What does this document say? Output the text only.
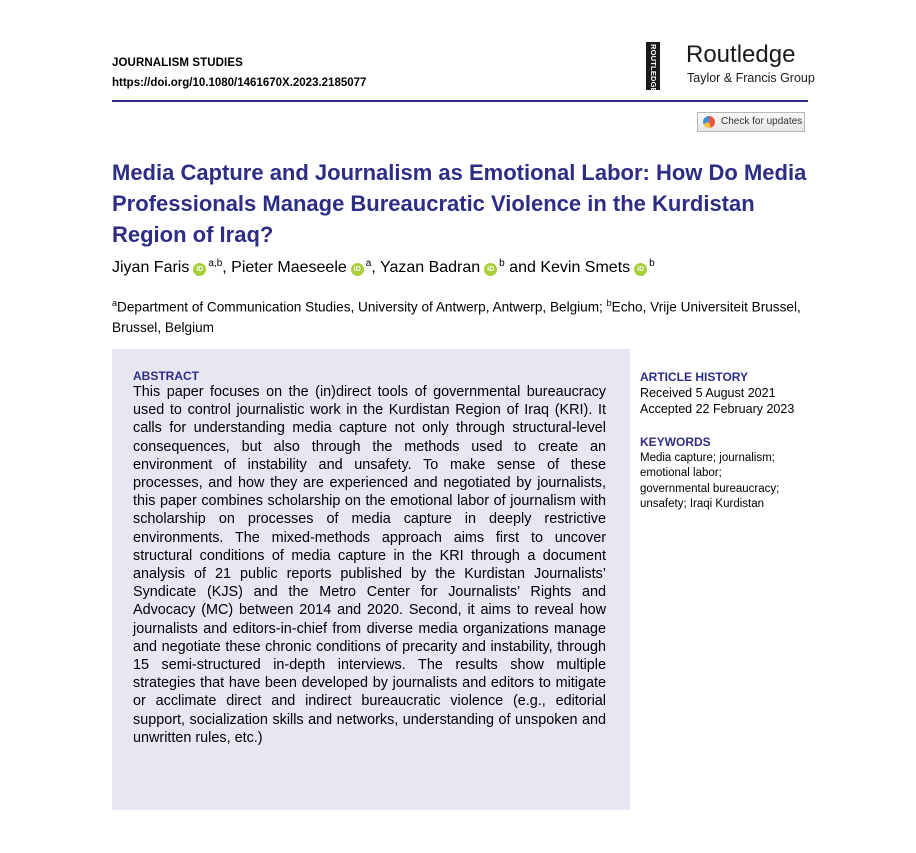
JOURNALISM STUDIES
https://doi.org/10.1080/1461670X.2023.2185077	ROUTLEDGE Routledge
Taylor & Francis Group
Check for updates
Media Capture and Journalism as Emotional Labor: How Do Media Professionals Manage Bureaucratic Violence in the Kurdistan Region of Iraq?
Jiyan Faris iD$^{a,b}$, Pieter Maeseele iD$^a$, Yazan Badran iD$^b$ and Kevin Smets iD$^b$
$^a$Department of Communication Studies, University of Antwerp, Antwerp, Belgium; $^b$Echo, Vrije Universiteit Brussel, Brussel, Belgium
ABSTRACT

This paper focuses on the (in)direct tools of governmental bureaucracy used to control journalistic work in the Kurdistan Region of Iraq (KRI). It calls for understanding media capture not only through structural-level consequences, but also through the methods used to create an environment of instability and unsafety. To make sense of these processes, and how they are experienced and negotiated by journalists, this paper combines scholarship on the emotional labor of journalism with scholarship on processes of media capture in deeply restrictive environments. The mixed-methods approach aims first to uncover structural conditions of media capture in the KRI through a document analysis of 21 public reports published by the Kurdistan Journalists’ Syndicate (KJS) and the Metro Center for Journalists’ Rights and Advocacy (MC) between 2014 and 2020. Second, it aims to reveal how journalists and editors-in-chief from diverse media organizations manage and negotiate these chronic conditions of precarity and instability, through 15 semi-structured in-depth interviews. The results show multiple strategies that have been developed by journalists and editors to mitigate or acclimate direct and indirect bureaucratic violence (e.g., editorial support, socialization skills and networks, understanding of unspoken and unwritten rules, etc.)

ARTICLE HISTORY
Received 5 August 2021
Accepted 22 February 2023
KEYWORDS
Media capture; journalism;
emotional labor;
governmental bureaucracy;
unsafety; Iraqi Kurdistan
